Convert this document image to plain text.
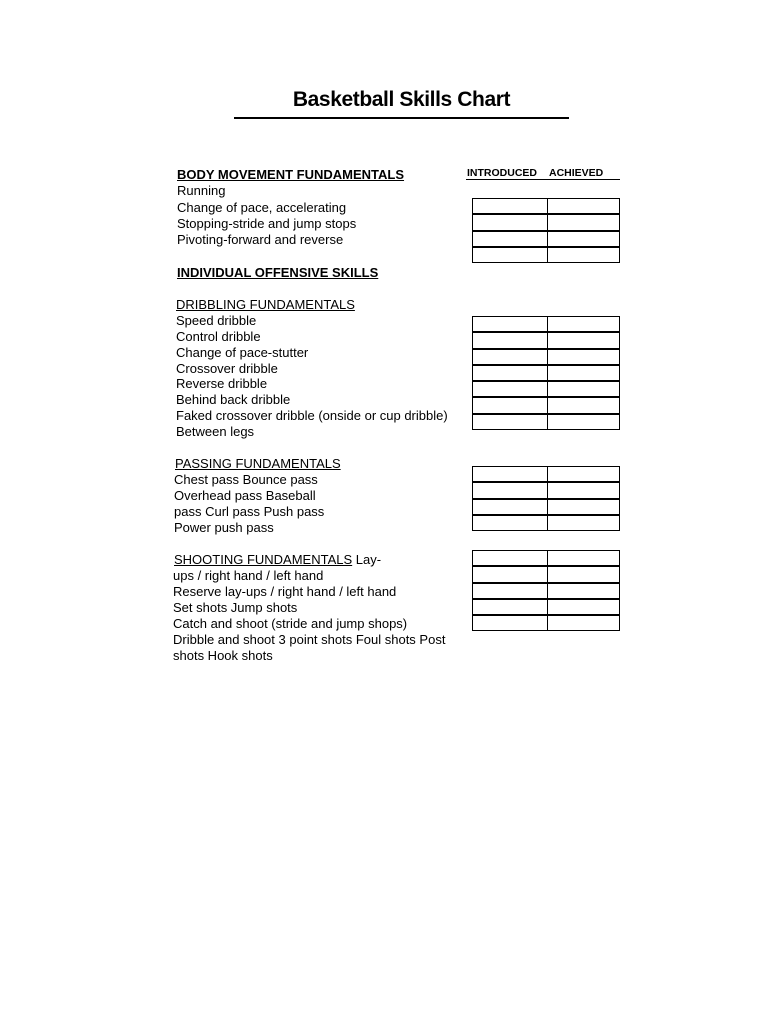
Basketball Skills Chart
INTRODUCED ACHIEVED
BODY MOVEMENT FUNDAMENTALS
Running
Change of pace, accelerating
Stopping-stride and jump stops
Pivoting-forward and reverse
INDIVIDUAL OFFENSIVE SKILLS
DRIBBLING FUNDAMENTALS
Speed dribble
Control dribble
Change of pace-stutter
Crossover dribble
Reverse dribble
Behind back dribble
Faked crossover dribble (onside or cup dribble)
Between legs
PASSING FUNDAMENTALS
Chest pass Bounce pass
Overhead pass Baseball
pass Curl pass Push pass
Power push pass
SHOOTING FUNDAMENTALS Lay-
ups / right hand / left hand
Reserve lay-ups / right hand / left hand
Set shots Jump shots
Catch and shoot (stride and jump shops)
Dribble and shoot 3 point shots Foul shots Post
shots Hook shots
